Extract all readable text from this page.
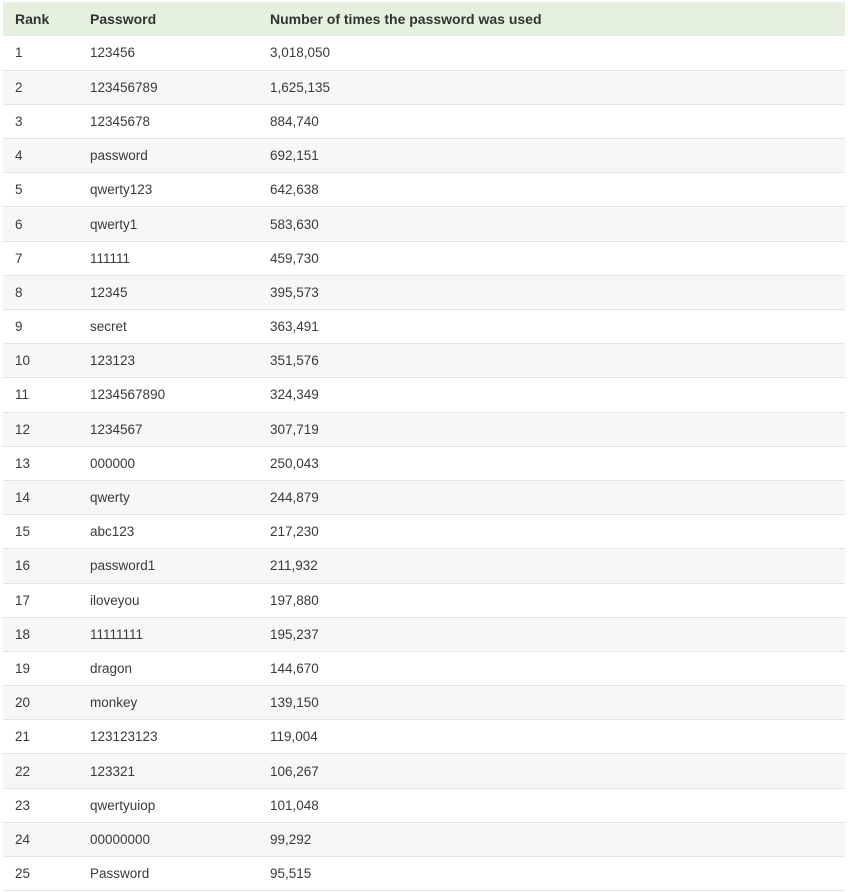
Rank	Password	Number of times the password was used
1	123456	3,018,050
2	123456789	1,625,135
3	12345678	884,740
4	password	692,151
5	qwerty123	642,638
6	qwerty1	583,630
7	111111	459,730
8	12345	395,573
9	secret	363,491
10	123123	351,576
11	1234567890	324,349
12	1234567	307,719
13	000000	250,043
14	qwerty	244,879
15	abc123	217,230
16	password1	211,932
17	iloveyou	197,880
18	11111111	195,237
19	dragon	144,670
20	monkey	139,150
21	123123123	119,004
22	123321	106,267
23	qwertyuiop	101,048
24	00000000	99,292
25	Password	95,515
